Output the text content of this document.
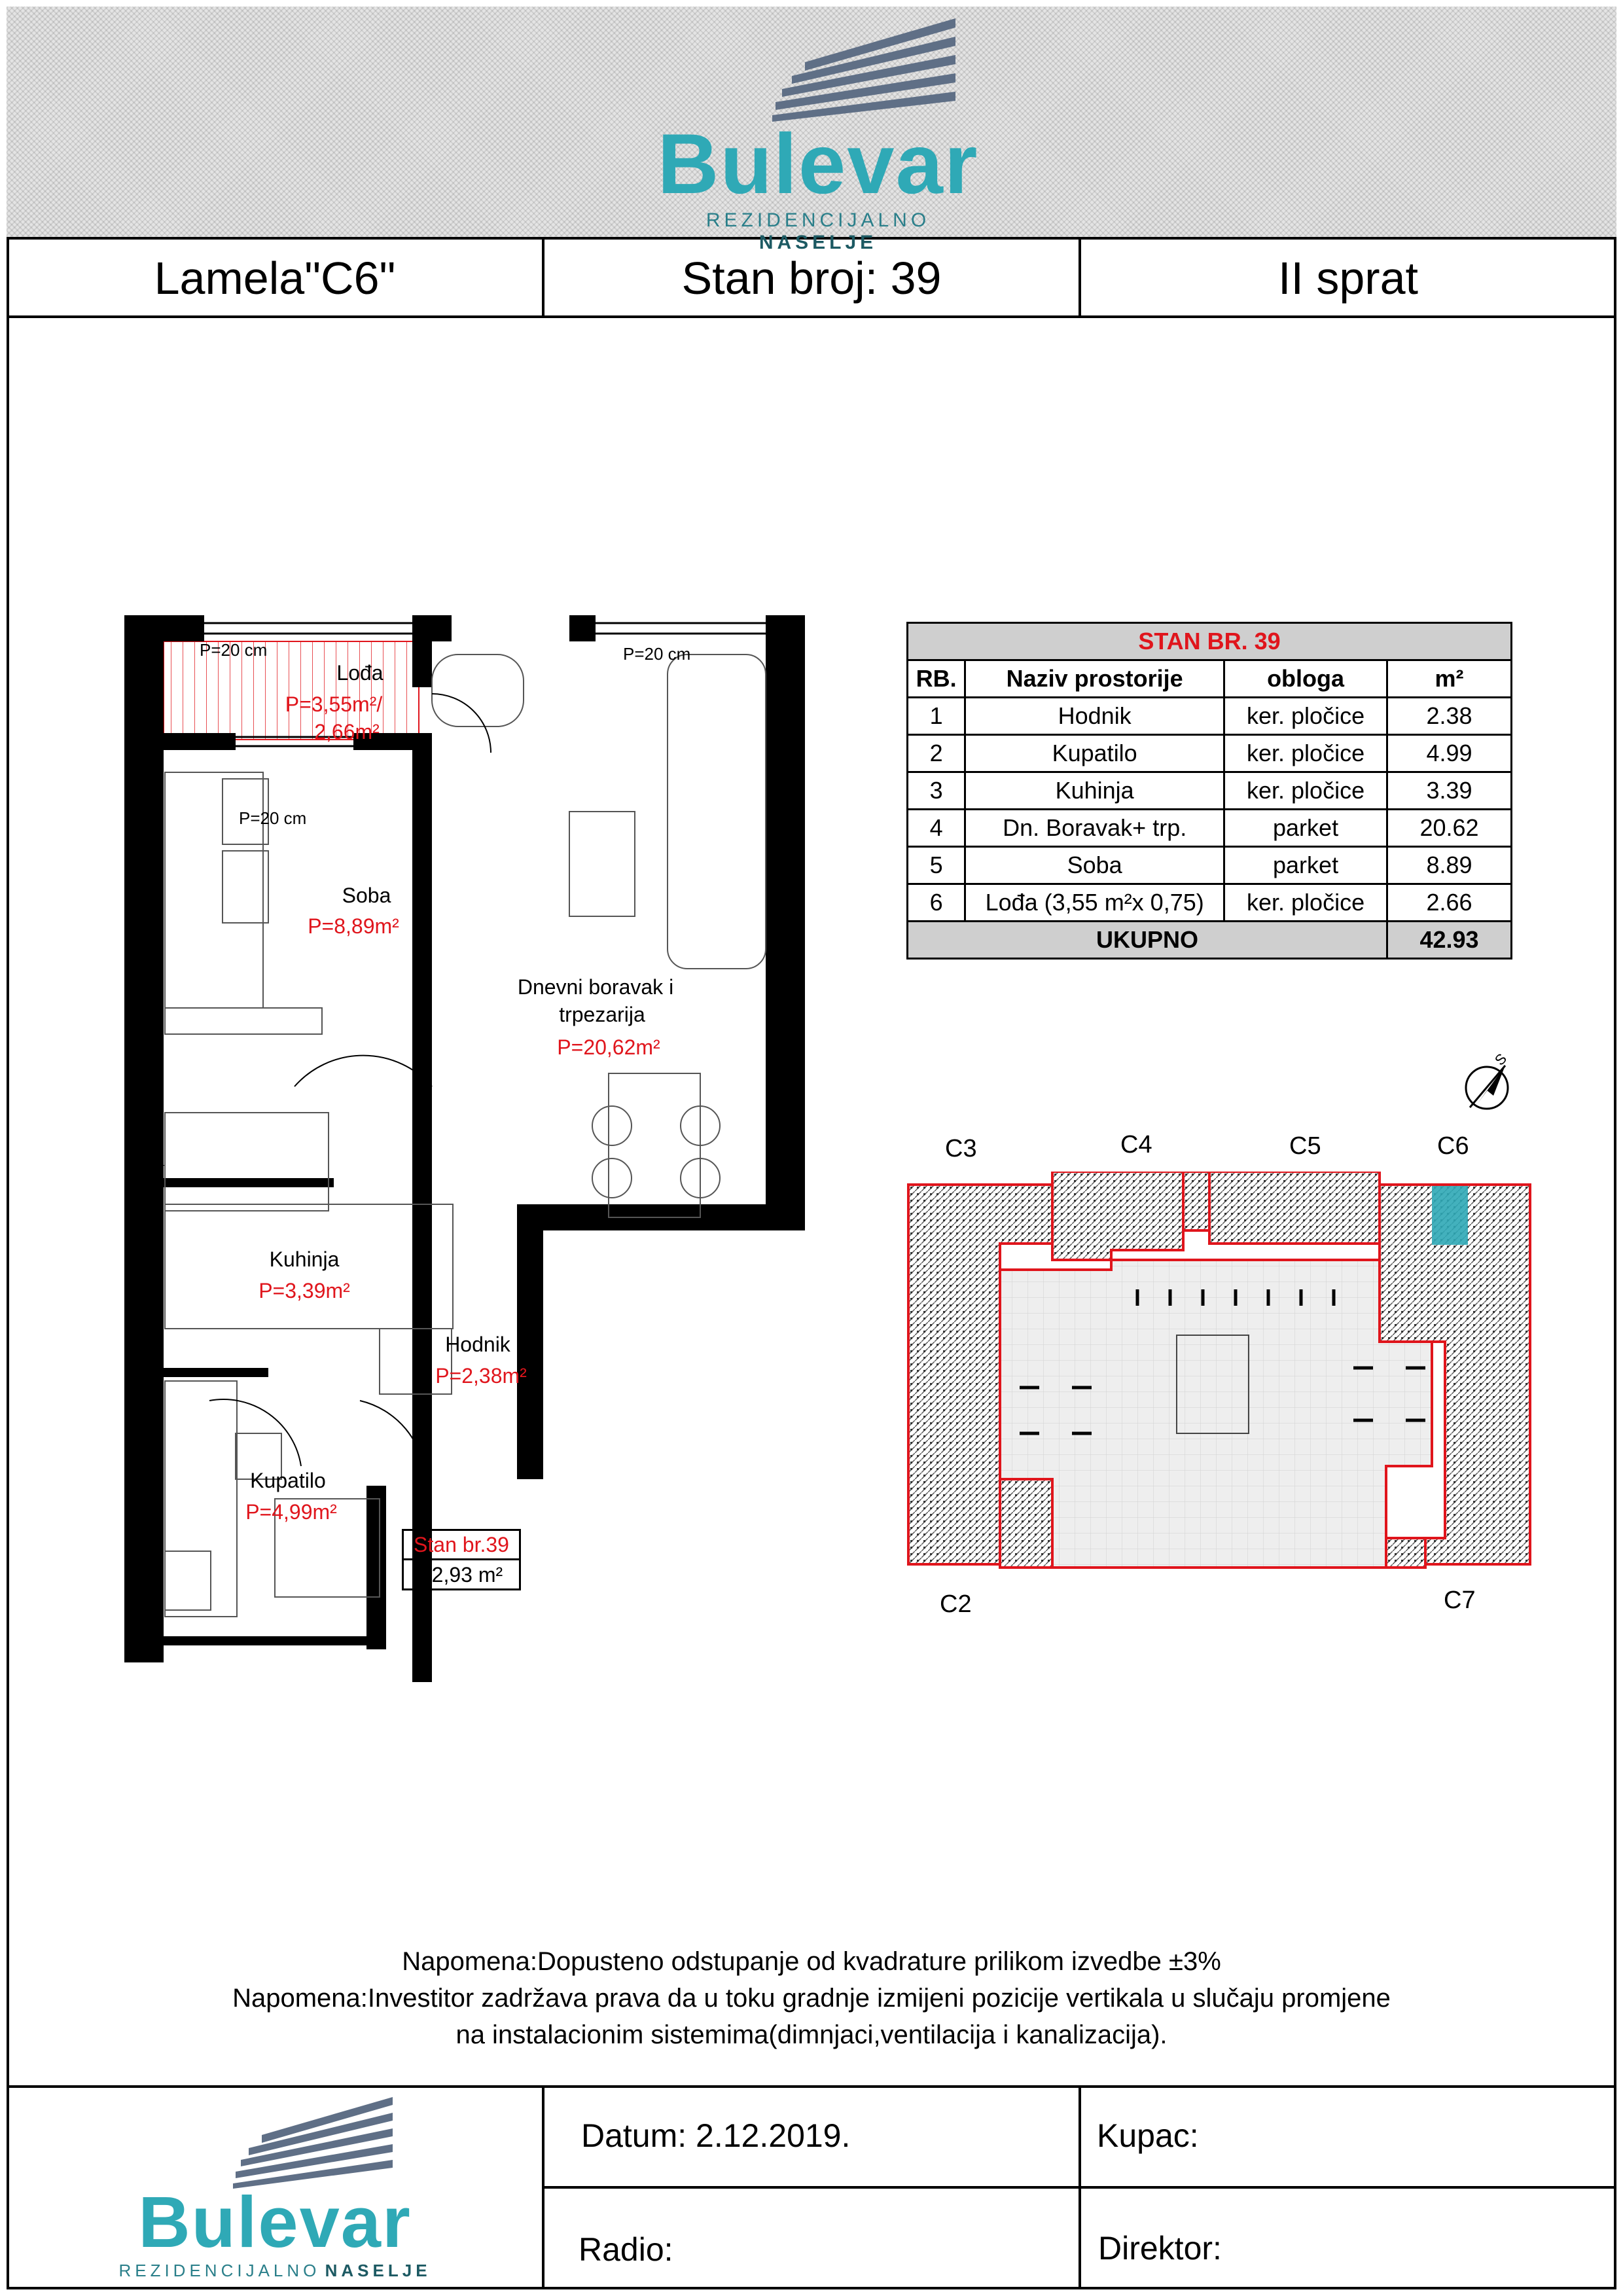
Bulevar
REZIDENCIJALNO NASELJE
Lamela"C6"	Stan broj: 39	II sprat
P=20 cm	P=20 cm
P=20 cm
Lođa
P=3,55m²/
2,66m²
Soba
P=8,89m²
Dnevni boravak i
trpezarija
P=20,62m²
Kuhinja
P=3,39m²
Hodnik
P=2,38m²
Kupatilo
P=4,99m²
Stan br.39
42,93 m²
STAN BR. 39			
RB.	Naziv prostorije	obloga	m²
1	Hodnik	ker. pločice	2.38
2	Kupatilo	ker. pločice	4.99
3	Kuhinja	ker. pločice	3.39
4	Dn. Boravak+ trp.	parket	20.62
5	Soba	parket	8.89
6	Lođa (3,55 m²x 0,75)	ker. pločice	2.66
UKUPNO			42.93
S
C3	C4	C5	C6
C2	C7
Napomena:Dopusteno odstupanje od kvadrature prilikom izvedbe ±3%
Napomena:Investitor zadržava prava da u toku gradnje izmijeni pozicije vertikala u slučaju promjene
na instalacionim sistemima(dimnjaci,ventilacija i kanalizacija).
Bulevar
REZIDENCIJALNO NASELJE
Datum: 2.12.2019.	Kupac:
Radio:	Direktor:
